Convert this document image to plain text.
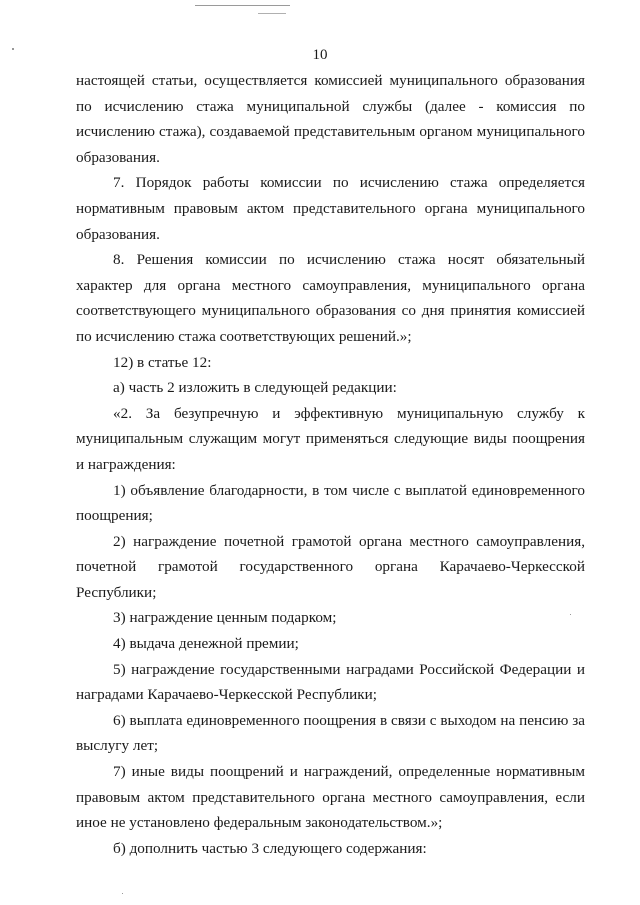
10

настоящей статьи, осуществляется комиссией муниципального образования по исчислению стажа муниципальной службы (далее - комиссия по исчислению стажа), создаваемой представительным органом муниципального образования.

7. Порядок работы комиссии по исчислению стажа определяется нормативным правовым актом представительного органа муниципального образования.

8. Решения комиссии по исчислению стажа носят обязательный характер для органа местного самоуправления, муниципального органа соответствующего муниципального образования со дня принятия комиссией по исчислению стажа соответствующих решений.»;

12) в статье 12:

а) часть 2 изложить в следующей редакции:

«2. За безупречную и эффективную муниципальную службу к муниципальным служащим могут применяться следующие виды поощрения и награждения:

1) объявление благодарности, в том числе с выплатой единовременного поощрения;

2) награждение почетной грамотой органа местного самоуправления, почетной грамотой государственного органа Карачаево-Черкесской Республики;

3) награждение ценным подарком;

4) выдача денежной премии;

5) награждение государственными наградами Российской Федерации и наградами Карачаево-Черкесской Республики;

6) выплата единовременного поощрения в связи с выходом на пенсию за выслугу лет;

7) иные виды поощрений и награждений, определенные нормативным правовым актом представительного органа местного самоуправления, если иное не установлено федеральным законодательством.»;

б) дополнить частью 3 следующего содержания:
